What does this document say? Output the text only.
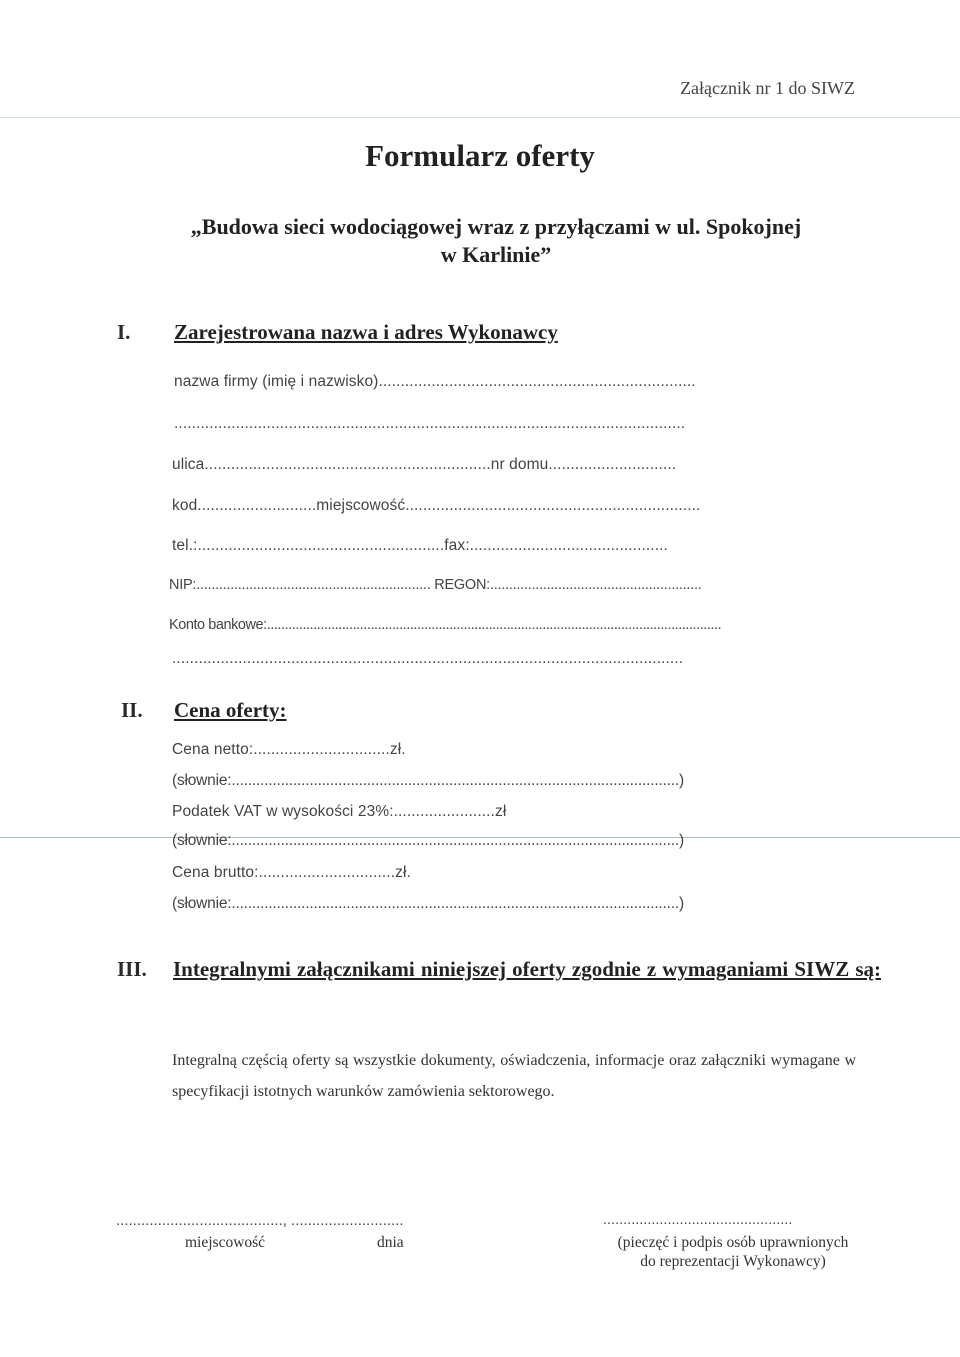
Załącznik nr 1 do SIWZ
Formularz oferty
„Budowa sieci wodociągowej wraz z przyłączami w ul. Spokojnej
w Karlinie”
I. Zarejestrowana nazwa i adres Wykonawcy
nazwa firmy (imię i nazwisko)........................................................................
....................................................................................................................
ulica.................................................................nr domu.............................
kod...........................miejscowość...................................................................
tel.:........................................................fax:.............................................
NIP:.............................................................. REGON:........................................................
Konto bankowe:...............................................................................................................................
....................................................................................................................
II. Cena oferty:
Cena netto:...............................zł.
(słownie:.............................................................................................................)
Podatek VAT w wysokości 23%:.......................zł
(słownie:.............................................................................................................)
Cena brutto:...............................zł.
(słownie:.............................................................................................................)
III. Integralnymi załącznikami niniejszej oferty zgodnie z wymaganiami SIWZ są:
Integralną częścią oferty są wszystkie dokumenty, oświadczenia, informacje oraz załączniki wymagane w specyfikacji istotnych warunków zamówienia sektorowego.
........................................, ...........................
miejscowość	dnia
...............................................
(pieczęć i podpis osób uprawnionych
do reprezentacji Wykonawcy)
